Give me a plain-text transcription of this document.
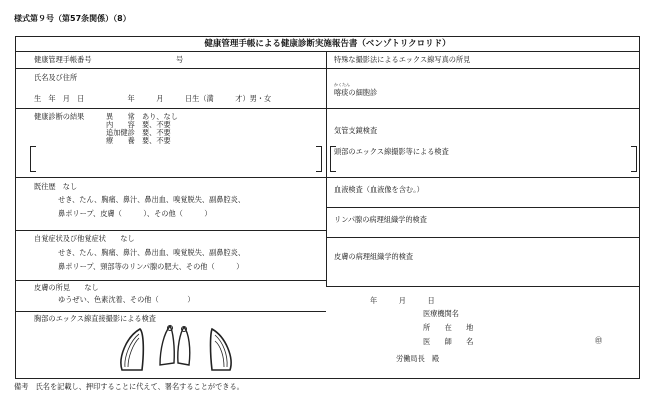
様式第９号（第57条関係）（8）
健康管理手帳による健康診断実施報告書（ベンゾトリクロリド）
健康管理手帳番号	号
氏名及び住所
生　年　月　日　　　　　　年　　　月　　　日生（満　　　才）男・女
健康診断の結果	異　　常　あり、なし
内　　容　要、不要
追加健診　要、不要
療　　養　要、不要
既往歴　なし
せき、たん、胸痛、鼻汁、鼻出血、嗅覚脱失、副鼻腔炎、
鼻ポリープ、皮膚（　　　）、その他（　　　）
自覚症状及び他覚症状　　なし
せき、たん、胸痛、鼻汁、鼻出血、嗅覚脱失、副鼻腔炎、
鼻ポリープ、頸部等のリンパ腺の肥大、その他（　　　）
皮膚の所見　　なし
ゆうぜい、色素沈着、その他（　　　　）
胸部のエックス線直接撮影による検査
特殊な撮影法によるエックス線写真の所見
かくたん
喀痰の細胞診
気管支鏡検査
頭部のエックス線撮影等による検査
血液検査（血液像を含む。）
リンパ腺の病理組織学的検査
皮膚の病理組織学的検査
年　　　月　　　日
医療機関名
所　　在　　地
医　　師　　名	㊞
労働局長　殿
備考　氏名を記載し、押印することに代えて、署名することができる。
